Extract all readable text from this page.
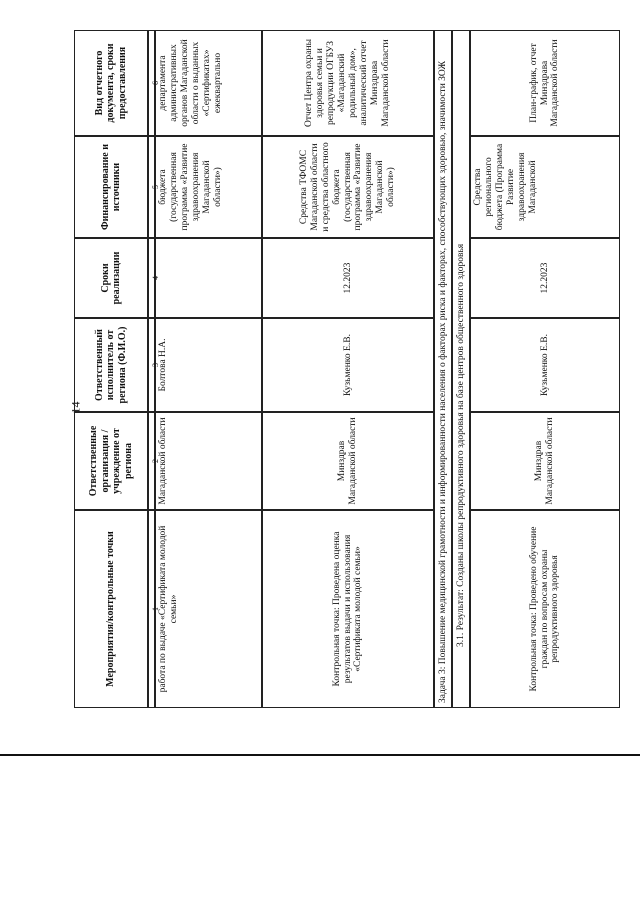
14
Мероприятия/контрольные точки
Ответственные организация / учреждение от региона
Ответственный исполнитель от региона (Ф.И.О.)
Сроки реализации
Финансирование и источники
Вид отчетного документа, сроки предоставления
1
2
3
4
5
6
работа по выдаче «Сертификата молодой семьи»
Магаданской области
Болтова Н.А.
бюджета (государственная программа «Развитие здравоохранения Магаданской области»)
департамента административных органов Магаданской области о выданных «Сертификатах» ежеквартально
Контрольная точка: Проведена оценка результатов выдачи и использования «Сертификата молодой семьи»
Минздрав Магаданской области
Кузьменко Е.В.
12.2023
Средства ТФОМС Магаданской области и средства областного бюджета (государственная программа «Развитие здравоохранения Магаданской области»)
Отчет Центра охраны здоровья семьи и репродукции ОГБУЗ «Магаданский родильный дом», аналитический отчет Минздрава Магаданской области	Задача 3: Повышение медицинской грамотности и информированности населения о факторах риска и факторах, способствующих здоровью, значимости ЗОЖ 3.1. Результат: Созданы школы репродуктивного здоровья на базе центров общественного здоровья	Контрольная точка: Проведено обучение граждан по вопросам охраны репродуктивного здоровья
Минздрав Магаданской области
Кузьменко Е.В.
12.2023
Средства регионального бюджета (Программа Развитие здравоохранения Магаданской
План-график, отчет Минздрава Магаданской области
